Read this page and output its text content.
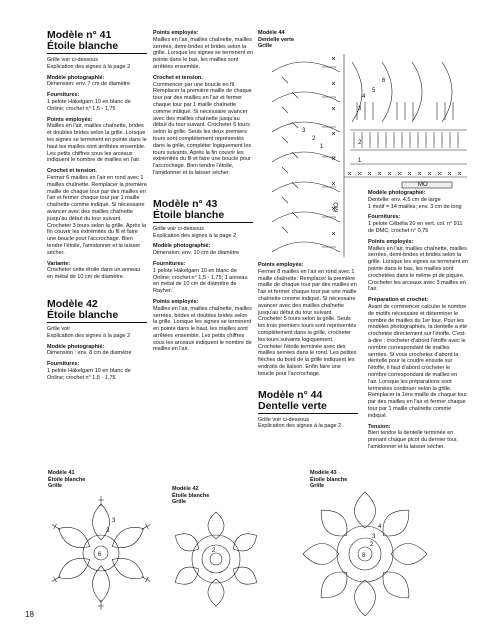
Modèle n° 41
Étoile blanche
Grille voir ci-dessous
Explication des signes à la page 2
Modèle photographié:
Dimension: env. 7 cm de diamètre
Fournitures:
1 pelote Häkelgarn 10 en blanc de Online; crochet n° 1,5 - 1,75
Points employés:
Mailles en l'air, mailles chaînette, brides et doubles brides selon la grille. Lorsque les signes se terminent en pointe dans le haut les mailles sont arrêtées ensemble. Les petits chiffres sous les arceaux indiquent le nombre de mailles en l'air.
Crochet et tension.
Fermer 6 mailles en l'air en rond avec 1 mailles chaînette. Remplacer la première maille de chaque tour par des mailles en l'air et fermer chaque tour par 1 maille chaînette comme indiqué. Si nécessaire avancer avec des mailles chaînette jusqu'au début du tour suivant. Crocheter 3 tours selon la grille. Après la fin couvrir les extrémités du fil et faire une boucle pour l'accrochage. Bien tendre l'étoile, l'amidonner et la laisser sécher.
Variante:
Crocheter cette étoile dans un anneau en métal de 10 cm de diamètre.
Modèle 42
Étoile blanche
Grille voir
Explication des signes à la page 2
Modèle photographié:
Dimension : env. 8 cm de diamètre
Fournitures:
1 pelote Häkelgarn 10 en blanc de Online; crochet n° 1,5 - 1,75
Points employés:
Mailles en l'air, mailles chaînette, mailles serrées, demi-brides et brides selon la grille. Lorsque les signes se terminent en pointe dans le bas, les mailles sont arrêtées ensemble.
Crochet et tension.
Commencer par une boucle en fil. Remplacer la première maille de chaque tour par des mailles en l'air et fermer chaque tour par 1 maille chaînette comme indiqué. Si nécessaire avancer avec des mailles chaînette jusqu'au début du tour suivant. Crocheter 6 tours selon la grille. Seuls les deux premiers tours sont complètement représentés dans la grille, compléter logiquement les tours suivants. Après la fin couvrir les extrémités du fil et faire une boucle pour l'accrochage. Bien tendre l'étoile, l'amidonner et la laisser sécher.
Modèle n° 43
Étoile blanche
Grille voir ci-dessous
Explication des signes à la page 2
Modèle photographié:
Dimension: env. 10 cm de diamètre
Fournitures:
1 pelote Häkelgarn 10 en blanc de Online; crochet n° 1,5 - 1,75; 1 anneau en métal de 10 cm de diamètre de Rayher.
Points employés:
Mailles en l'air, mailles chaînette, mailles serrées, brides et doubles brides selon la grille. Lorsque les signes se terminent en pointe dans le haut, les mailles sont arrêtées ensemble. Les petits chiffres sous les arceaux indiquent le nombre de mailles en l'air.
Points employés:
Fermer 8 mailles en l'air en rond avec 1 maille chaînette. Remplacer la première maille de chaque tour par des mailles en l'air et fermer chaque tour par une maille chaînette comme indiqué. Si nécessaire avancer avec des mailles chaînette jusqu'au début du tour suivant. Crocheter 5 tours selon la grille. Seuls les trois premiers tours sont représentés complètement dans la grille, crocheter les tours suivants logiquement. Crocheter l'étoile terminée avec des mailles serrées dans le rond. Les petites flèches du bord de la grille indiquent les endroits de liaison. Enfin faire une boucle pour l'accrochage.
Modèle n° 44
Dentelle verte
Grille voir ci-dessous
Explication des signes à la page 2
Modèle photographié:
Dentelle: env. 4,5 cm de large
1 motif = 14 mailles; env. 3 cm de long
Fournitures:
1 pelote Cébélia 20 en vert, col. n° 911 de DMC; crochet n° 0,75
Points employés:
Mailles en l'air, mailles chaînette, mailles serrées, demi-brides et brides selon la grille. Lorsque les signes se terminent en pointe dans le bas, les mailles sont crochetées dans le même pt de piquire. Crocheter les arceaux avec 3 mailles en l'air.
Préparation et crochet:
Avant de commencer calculer le nombre de motifs nécessaire et déterminer le nombre de mailles du 1er tour. Pour les modèles photographiés, la dentelle a été crochetée directement sur l'étoffe. C'est-à-dire : crocheter d'abord l'étoffe avec le nombre correspondant de mailles serrées. Si vous crochetez d'abord la dentelle pour la coudre ensuite sur l'étoffe, il faut d'abord crocheter le nombre correspondant de mailles en l'air. Lorsque les préparations sont terminées continuer selon la grille. Remplacer la 1ère maille de chaque tour par des mailles en l'air et fermer chaque tour par 1 maille chaînette comme indiqué.
Tension:
Bien tendre la dentelle terminée en prenant chaque picot du dernier tour, l'amidonner et la laisser sécher.
Modèle 44
Dentelle verte
Grille
3
2
1
MO
MO
3
2
1
6
5
4
Modèle 41
Étoile blanche
Grille
3
3
6
Modèle 42
Étoile blanche
Grille
2
Modèle 43
Étoile blanche
Grille
4
3
8
2
18
